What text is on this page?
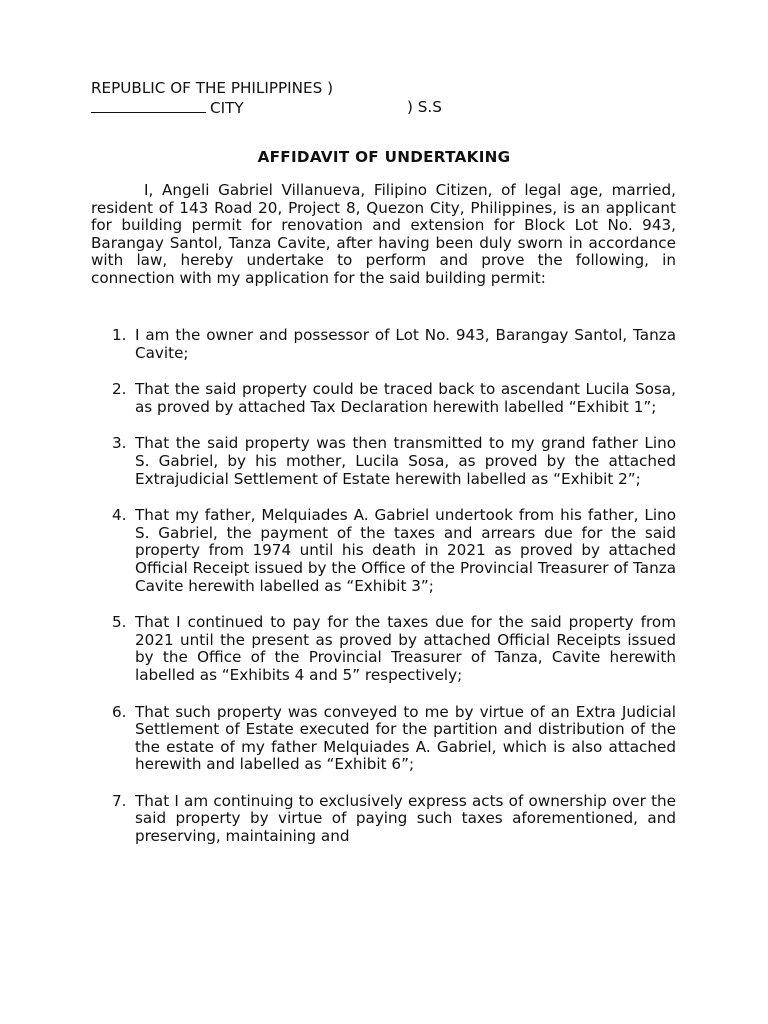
REPUBLIC OF THE PHILIPPINES )
CITY	) S.S
AFFIDAVIT OF UNDERTAKING

I, Angeli Gabriel Villanueva, Filipino Citizen, of legal age, married, resident of 143 Road 20, Project 8, Quezon City, Philippines, is an applicant for building permit for renovation and extension for Block Lot No. 943, Barangay Santol, Tanza Cavite, after having been duly sworn in accordance with law, hereby undertake to perform and prove the following, in connection with my application for the said building permit:

1. I am the owner and possessor of Lot No. 943, Barangay Santol, Tanza Cavite;
2. That the said property could be traced back to ascendant Lucila Sosa, as proved by attached Tax Declaration herewith labelled “Exhibit 1”;
3. That the said property was then transmitted to my grand father Lino S. Gabriel, by his mother, Lucila Sosa, as proved by the attached Extrajudicial Settlement of Estate herewith labelled as “Exhibit 2”;
4. That my father, Melquiades A. Gabriel undertook from his father, Lino S. Gabriel, the payment of the taxes and arrears due for the said property from 1974 until his death in 2021 as proved by attached Official Receipt issued by the Office of the Provincial Treasurer of Tanza Cavite herewith labelled as “Exhibit 3”;
5. That I continued to pay for the taxes due for the said property from 2021 until the present as proved by attached Official Receipts issued by the Office of the Provincial Treasurer of Tanza, Cavite herewith labelled as “Exhibits 4 and 5” respectively;
6. That such property was conveyed to me by virtue of an Extra Judicial Settlement of Estate executed for the partition and distribution of the the estate of my father Melquiades A. Gabriel, which is also attached herewith and labelled as “Exhibit 6”;
7. That I am continuing to exclusively express acts of ownership over the said property by virtue of paying such taxes aforementioned, and preserving, maintaining and
